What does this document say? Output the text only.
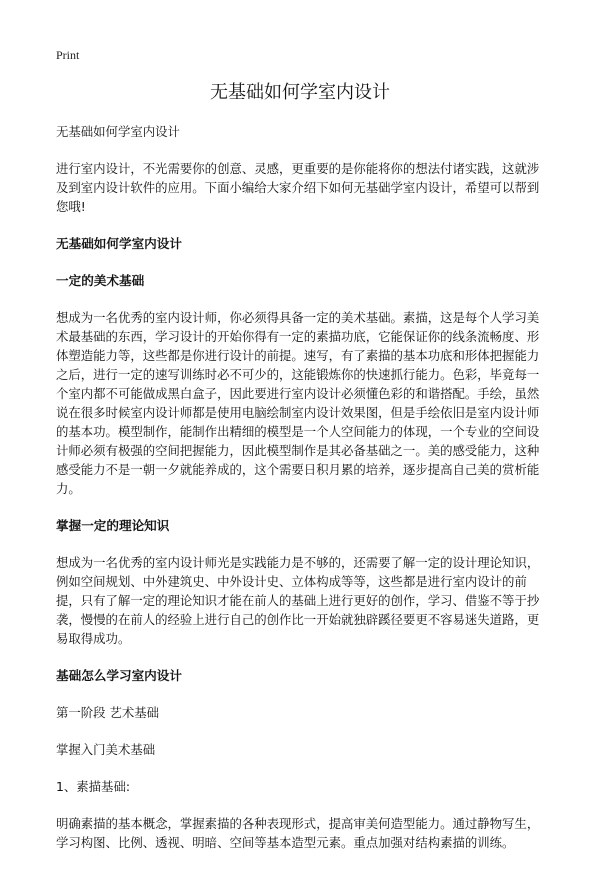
Print
无基础如何学室内设计

无基础如何学室内设计

进行室内设计，不光需要你的创意、灵感，更重要的是你能将你的想法付诸实践，这就涉及到室内设计软件的应用。下面小编给大家介绍下如何无基础学室内设计，希望可以帮到您哦!

无基础如何学室内设计
一定的美术基础

想成为一名优秀的室内设计师，你必须得具备一定的美术基础。素描，这是每个人学习美术最基础的东西，学习设计的开始你得有一定的素描功底，它能保证你的线条流畅度、形体塑造能力等，这些都是你进行设计的前提。速写，有了素描的基本功底和形体把握能力之后，进行一定的速写训练时必不可少的，这能锻炼你的快速抓行能力。色彩，毕竟每一个室内都不可能做成黑白盒子，因此要进行室内设计必须懂色彩的和谐搭配。手绘，虽然说在很多时候室内设计师都是使用电脑绘制室内设计效果图，但是手绘依旧是室内设计师的基本功。模型制作，能制作出精细的模型是一个人空间能力的体现，一个专业的空间设计师必须有极强的空间把握能力，因此模型制作是其必备基础之一。美的感受能力，这种感受能力不是一朝一夕就能养成的，这个需要日积月累的培养，逐步提高自己美的赏析能力。

掌握一定的理论知识

想成为一名优秀的室内设计师光是实践能力是不够的，还需要了解一定的设计理论知识，例如空间规划、中外建筑史、中外设计史、立体构成等等，这些都是进行室内设计的前提，只有了解一定的理论知识才能在前人的基础上进行更好的创作，学习、借鉴不等于抄袭，慢慢的在前人的经验上进行自己的创作比一开始就独辟蹊径要更不容易迷失道路，更易取得成功。

基础怎么学习室内设计

第一阶段 艺术基础

掌握入门美术基础

1、素描基础:

明确素描的基本概念，掌握素描的各种表现形式，提高审美何造型能力。通过静物写生，学习构图、比例、透视、明暗、空间等基本造型元素。重点加强对结构素描的训练。
